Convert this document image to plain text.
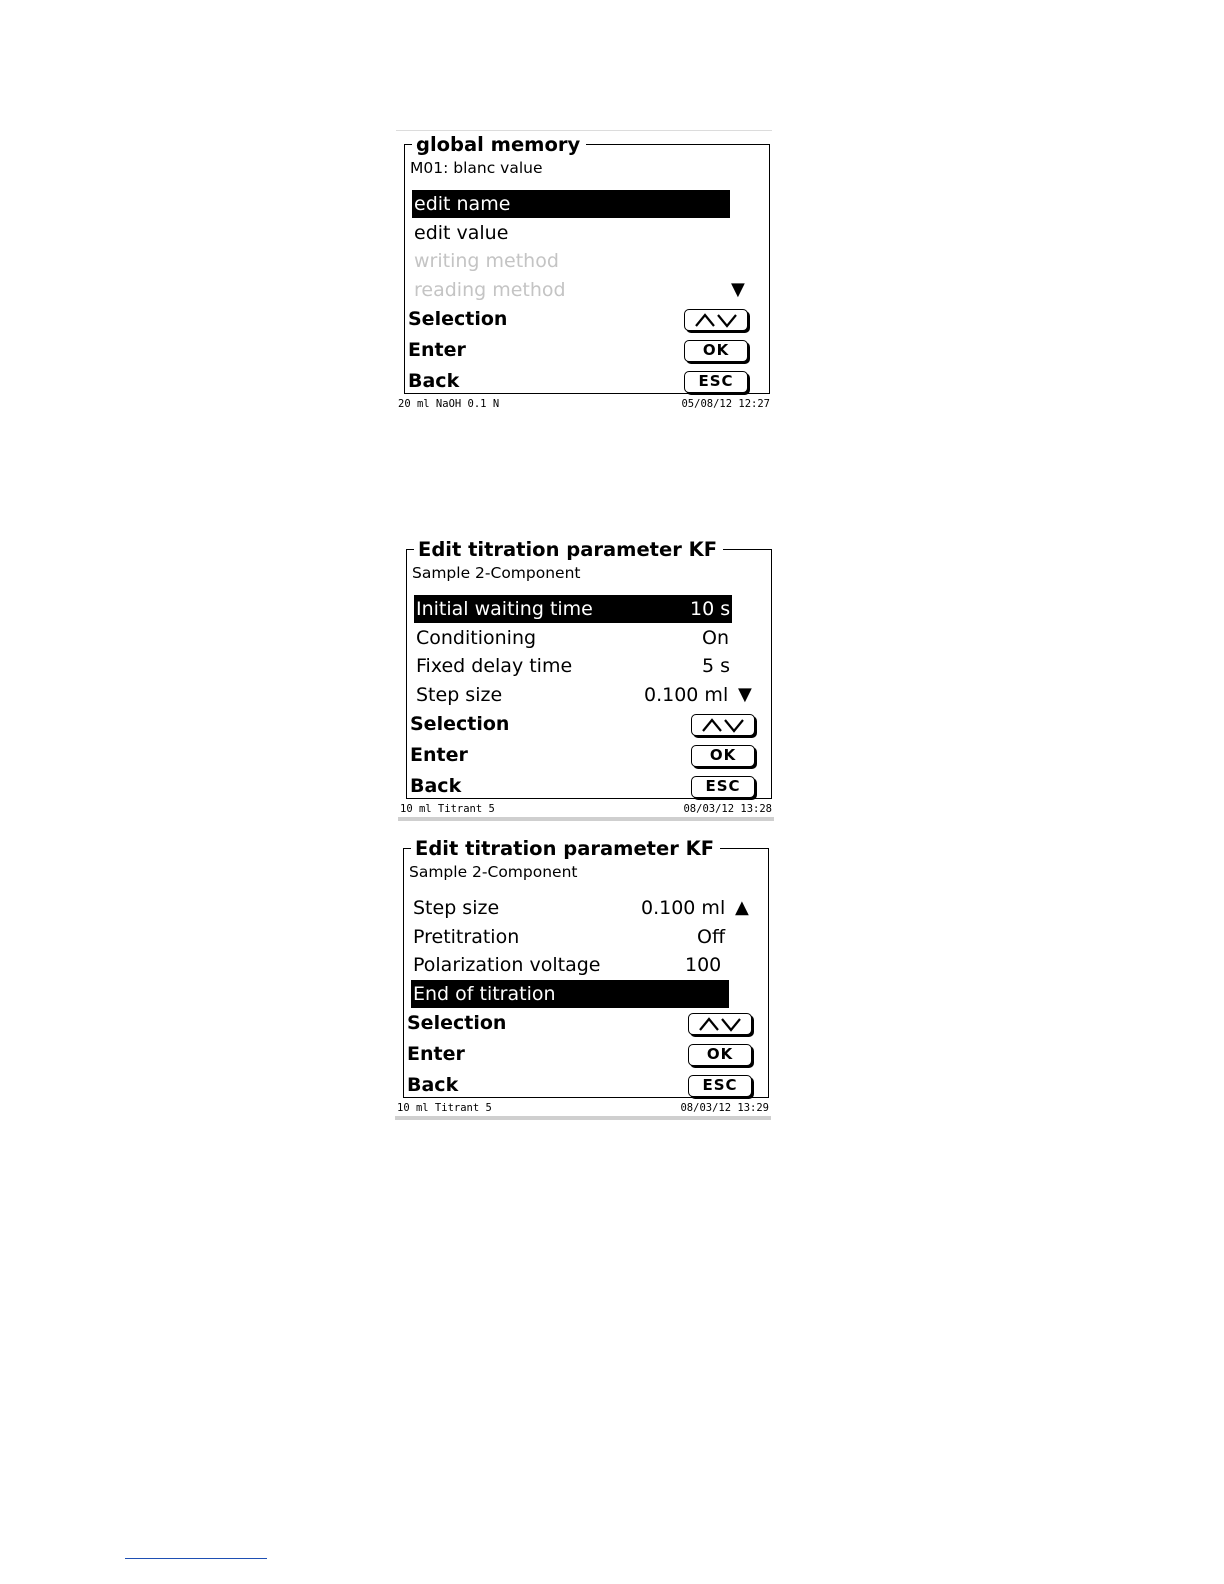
global memory
M01: blanc value
edit name
edit value
writing method
reading method	▼
Selection
Enter	OK
Back	ESC
20 ml NaOH 0.1 N	05/08/12 12:27
Edit titration parameter KF
Sample 2-Component
Initial waiting time	10 s
Conditioning	On
Fixed delay time	5 s
Step size	0.100 ml ▼
Selection
Enter	OK
Back	ESC
10 ml Titrant 5	08/03/12 13:28
Edit titration parameter KF
Sample 2-Component
Step size	0.100 ml ▲
Pretitration	Off
Polarization voltage	100
End of titration
Selection
Enter	OK
Back	ESC
10 ml Titrant 5	08/03/12 13:29
